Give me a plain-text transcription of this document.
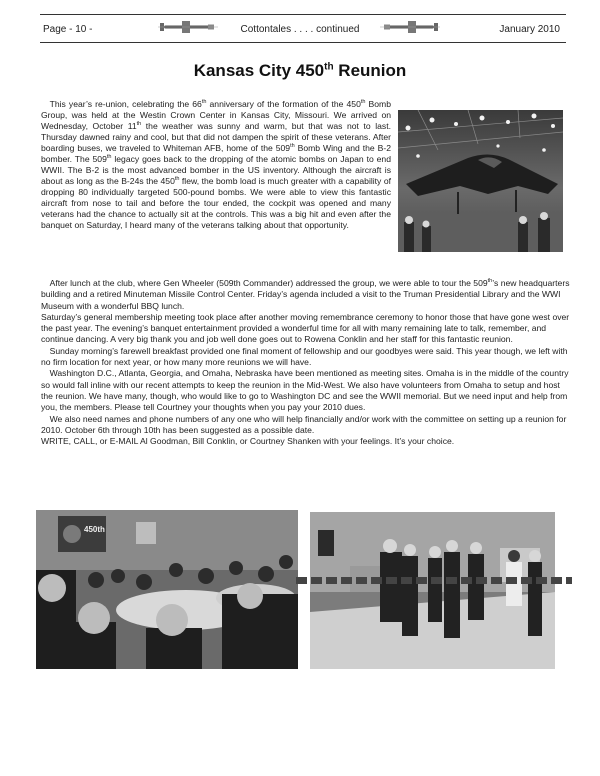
Page - 10 -	Cottontales . . . . continued	January 2010
Kansas City 450th Reunion

 This year’s re-union, celebrating the 66th anniversary of the formation of the 450th Bomb Group, was held at the Westin Crown Center in Kansas City, Missouri. We arrived on Wednesday, October 11th the weather was sunny and warm, but that was not to last. Thursday dawned rainy and cool, but that did not dampen the spirit of these veterans. After boarding buses, we traveled to Whiteman AFB, home of the 509th Bomb Wing and the B-2 bomber. The 509th legacy goes back to the dropping of the atomic bombs on Japan to end WWII. The B-2 is the most advanced bomber in the US inventory. Although the aircraft is about as long as the B-24s the 450th flew, the bomb load is much greater with a capability of dropping 80 individually targeted 500-pound bombs. We were able to view this fantastic aircraft from nose to tail and before the tour ended, the cockpit was opened and many veterans had the chance to actually sit at the controls. This was a big hit and even after the banquet on Saturday, I heard many of the veterans talking about that opportunity.

 After lunch at the club, where Gen Wheeler (509th Commander) addressed the group, we were able to tour the 509th’s new headquarters building and a retired Minuteman Missile Control Center. Friday’s agenda included a visit to the Truman Presidential Library and the WWI Museum with a wonderful BBQ lunch.

Saturday’s general membership meeting took place after another moving remembrance ceremony to honor those that have gone west over the past year. The evening’s banquet entertainment provided a wonderful time for all with many remaining late to talk, remember, and continue dancing. A very big thank you and job well done goes out to Rowena Conklin and her staff for this fantastic reunion.

 Sunday morning’s farewell breakfast provided one final moment of fellowship and our goodbyes were said. This year though, we left with no firm location for next year, or how many more reunions we will have.

 Washington D.C., Atlanta, Georgia, and Omaha, Nebraska have been mentioned as meeting sites. Omaha is in the middle of the country so would fall inline with our recent attempts to keep the reunion in the Mid-West. We also have volunteers from Omaha to setup and host the reunion. We have many, though, who would like to go to Washington DC and see the WWII memorial. But we need input and help from you, the members. Please tell Courtney your thoughts when you pay your 2010 dues.

 We also need names and phone numbers of any one who will help financially and/or work with the committee on setting up a reunion for 2010. October 6th through 10th has been suggested as a possible date.

WRITE, CALL, or E-MAIL Al Goodman, Bill Conklin, or Courtney Shanken with your feelings. It’s your choice.

450th
